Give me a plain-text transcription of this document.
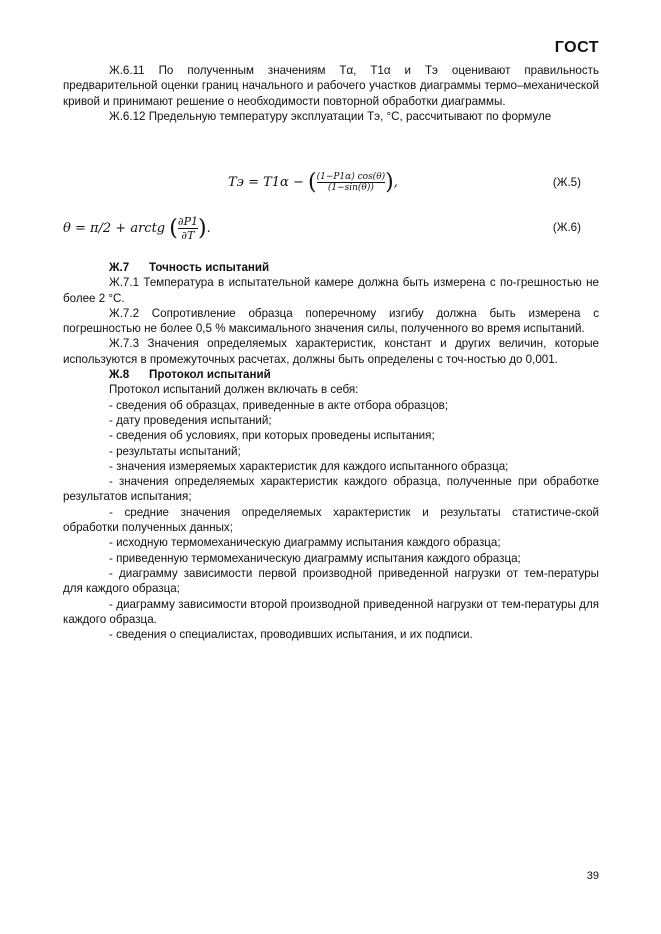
ГОСТ

Ж.6.11 По полученным значениям Tα, T1α и Tэ оценивают правильность предварительной оценки границ начального и рабочего участков диаграммы термо–механической кривой и принимают решение о необходимости повторной обработки диаграммы.

Ж.6.12 Предельную температуру эксплуатации Tэ, °С, рассчитывают по формуле

Tэ = T1α − ( $\frac{(1-P1\alpha) \cos(\theta)}{(1-\sin(\theta))}$ ),	(Ж.5)
θ = π/2 + arctg ( $\frac{\partial P1}{\partial T}$ ).	(Ж.6)

Ж.7 Точность испытаний

Ж.7.1 Температура в испытательной камере должна быть измерена с по-грешностью не более 2 °С.

Ж.7.2 Сопротивление образца поперечному изгибу должна быть измерена с погрешностью не более 0,5 % максимального значения силы, полученного во время испытаний.

Ж.7.3 Значения определяемых характеристик, констант и других величин, которые используются в промежуточных расчетах, должны быть определены с точ-ностью до 0,001.

Ж.8 Протокол испытаний

Протокол испытаний должен включать в себя:

- сведения об образцах, приведенные в акте отбора образцов;

- дату проведения испытаний;

- сведения об условиях, при которых проведены испытания;

- результаты испытаний;

- значения измеряемых характеристик для каждого испытанного образца;

- значения определяемых характеристик каждого образца, полученные при обработке результатов испытания;

- средние значения определяемых характеристик и результаты статистиче-ской обработки полученных данных;

- исходную термомеханическую диаграмму испытания каждого образца;

- приведенную термомеханическую диаграмму испытания каждого образца;

- диаграмму зависимости первой производной приведенной нагрузки от тем-пературы для каждого образца;

- диаграмму зависимости второй производной приведенной нагрузки от тем-пературы для каждого образца.

- сведения о специалистах, проводивших испытания, и их подписи.

39
